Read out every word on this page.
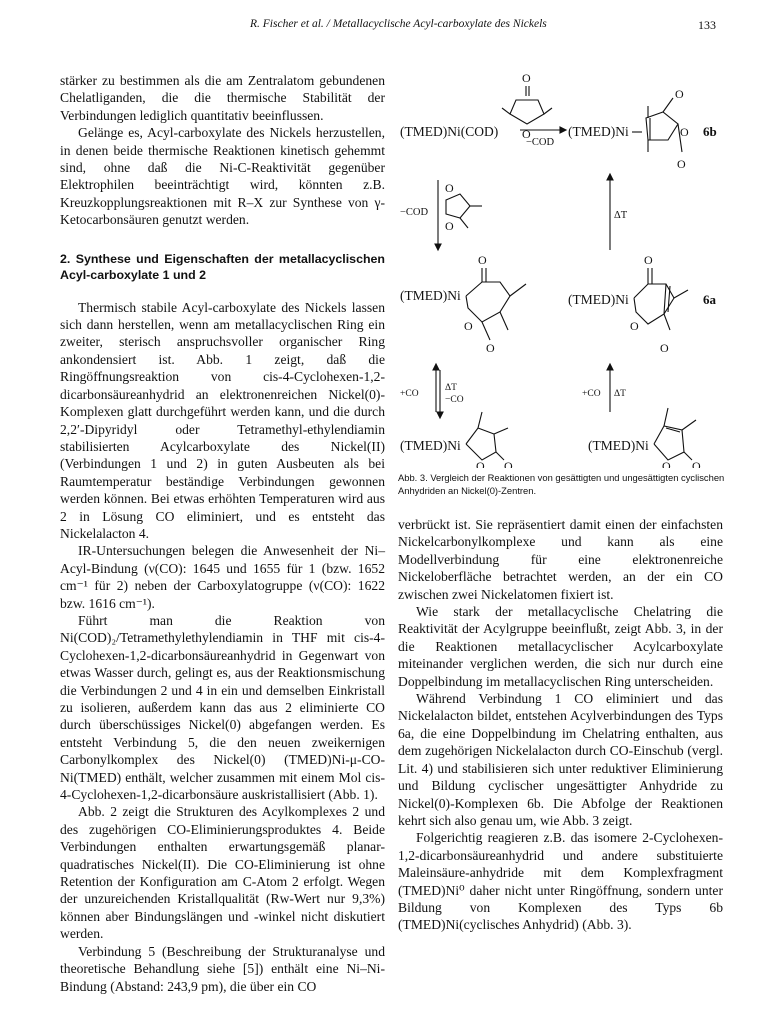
R. Fischer et al. / Metallacyclische Acyl-carboxylate des Nickels	133

stärker zu bestimmen als die am Zentralatom gebundenen Chelatliganden, die die thermische Stabilität der Verbindungen lediglich quantitativ beeinflussen.

Gelänge es, Acyl-carboxylate des Nickels herzustellen, in denen beide thermische Reaktionen kinetisch gehemmt sind, ohne daß die Ni-C-Reaktivität gegenüber Elektrophilen beeinträchtigt wird, könnten z.B. Kreuzkopplungsreaktionen mit R–X zur Synthese von γ-Ketocarbonsäuren genutzt werden.

2. Synthese und Eigenschaften der metallacyclischen Acyl-carboxylate 1 und 2

Thermisch stabile Acyl-carboxylate des Nickels lassen sich dann herstellen, wenn am metallacyclischen Ring ein zweiter, sterisch anspruchsvoller organischer Ring ankondensiert ist. Abb. 1 zeigt, daß die Ringöffnungsreaktion von cis-4-Cyclohexen-1,2-dicarbonsäureanhydrid an elektronenreichen Nickel(0)-Komplexen glatt durchgeführt werden kann, und die durch 2,2′-Dipyridyl oder Tetramethyl-ethylendiamin stabilisierten Acylcarboxylate des Nickel(II) (Verbindungen 1 und 2) in guten Ausbeuten als bei Raumtemperatur beständige Verbindungen gewonnen werden können. Bei etwas erhöhten Temperaturen wird aus 2 in Lösung CO eliminiert, und es entsteht das Nickelalacton 4.

IR-Untersuchungen belegen die Anwesenheit der Ni–Acyl-Bindung (ν(CO): 1645 und 1655 für 1 (bzw. 1652 cm⁻¹ für 2) neben der Carboxylatogruppe (ν(CO): 1622 bzw. 1616 cm⁻¹).

Führt man die Reaktion von Ni(COD)₂/Tetramethylethylendiamin in THF mit cis-4-Cyclohexen-1,2-dicarbonsäureanhydrid in Gegenwart von etwas Wasser durch, gelingt es, aus der Reaktionsmischung die Verbindungen 2 und 4 in ein und demselben Einkristall zu isolieren, außerdem kann das aus 2 eliminierte CO durch überschüssiges Nickel(0) abgefangen werden. Es entsteht Verbindung 5, die den neuen zweikernigen Carbonylkomplex des Nickel(0) (TMED)Ni-μ-CO-Ni(TMED) enthält, welcher zusammen mit einem Mol cis-4-Cyclohexen-1,2-dicarbonsäure auskristallisiert (Abb. 1).

Abb. 2 zeigt die Strukturen des Acylkomplexes 2 und des zugehörigen CO-Eliminierungsproduktes 4. Beide Verbindungen enthalten erwartungsgemäß planar-quadratisches Nickel(II). Die CO-Eliminierung ist ohne Retention der Konfiguration am C-Atom 2 erfolgt. Wegen der unzureichenden Kristallqualität (Rw-Wert nur 9,3%) können aber Bindungslängen und -winkel nicht diskutiert werden.

Verbindung 5 (Beschreibung der Strukturanalyse und theoretische Behandlung siehe [5]) enthält eine Ni–Ni-Bindung (Abstand: 243,9 pm), die über ein CO

O
O
(TMED)Ni(COD)
−COD
(TMED)Ni
O
O
O
6b
−COD
O
O
ΔT
(TMED)Ni
O
O
O
(TMED)Ni
O
O
O
6a
+CO
ΔT
−CO
+CO ΔT
(TMED)Ni
O O
(TMED)Ni
O O
Abb. 3. Vergleich der Reaktionen von gesättigten und ungesättigten cyclischen Anhydriden an Nickel(0)-Zentren.

verbrückt ist. Sie repräsentiert damit einen der einfachsten Nickelcarbonylkomplexe und kann als eine Modellverbindung für eine elektronenreiche Nickeloberfläche betrachtet werden, an der ein CO zwischen zwei Nickelatomen fixiert ist.

Wie stark der metallacyclische Chelatring die Reaktivität der Acylgruppe beeinflußt, zeigt Abb. 3, in der die Reaktionen metallacyclischer Acylcarboxylate miteinander verglichen werden, die sich nur durch eine Doppelbindung im metallacyclischen Ring unterscheiden.

Während Verbindung 1 CO eliminiert und das Nickelalacton bildet, entstehen Acylverbindungen des Typs 6a, die eine Doppelbindung im Chelatring enthalten, aus dem zugehörigen Nickelalacton durch CO-Einschub (vergl. Lit. 4) und stabilisieren sich unter reduktiver Eliminierung und Bildung cyclischer ungesättigter Anhydride zu Nickel(0)-Komplexen 6b. Die Abfolge der Reaktionen kehrt sich also genau um, wie Abb. 3 zeigt.

Folgerichtig reagieren z.B. das isomere 2-Cyclohexen-1,2-dicarbonsäureanhydrid und andere substituierte Maleinsäure-anhydride mit dem Komplexfragment (TMED)Ni⁰ daher nicht unter Ringöffnung, sondern unter Bildung von Komplexen des Typs 6b (TMED)Ni(cyclisches Anhydrid) (Abb. 3).
